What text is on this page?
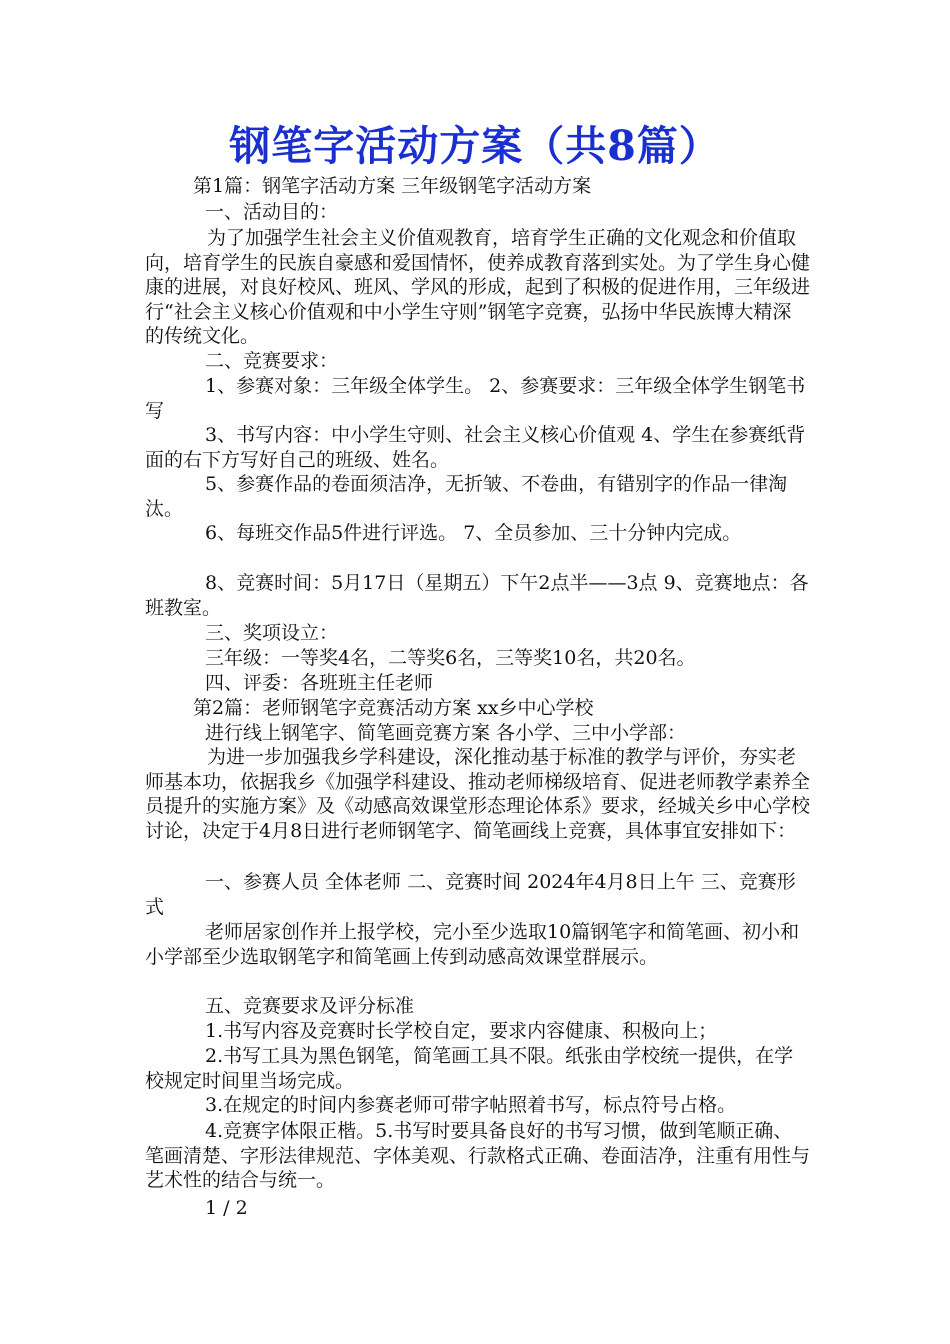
钢笔字活动方案（共8篇）

第1篇：钢笔字活动方案 三年级钢笔字活动方案

一、活动目的：

为了加强学生社会主义价值观教育，培育学生正确的文化观念和价值取向，培育学生的民族自豪感和爱国情怀，使养成教育落到实处。为了学生身心健康的进展，对良好校风、班风、学风的形成，起到了积极的促进作用，三年级进行“社会主义核心价值观和中小学生守则”钢笔字竞赛，弘扬中华民族博大精深的传统文化。

二、竞赛要求：

1、参赛对象：三年级全体学生。 2、参赛要求：三年级全体学生钢笔书写

3、书写内容：中小学生守则、社会主义核心价值观 4、学生在参赛纸背面的右下方写好自己的班级、姓名。

5、参赛作品的卷面须洁净，无折皱、不卷曲，有错别字的作品一律淘汰。

6、每班交作品5件进行评选。 7、全员参加、三十分钟内完成。

8、竞赛时间：5月17日（星期五）下午2点半——3点 9、竞赛地点：各班教室。

三、奖项设立：

三年级：一等奖4名，二等奖6名，三等奖10名，共20名。

四、评委：各班班主任老师

第2篇：老师钢笔字竞赛活动方案 xx乡中心学校

进行线上钢笔字、简笔画竞赛方案 各小学、三中小学部：

为进一步加强我乡学科建设，深化推动基于标准的教学与评价，夯实老师基本功，依据我乡《加强学科建设、推动老师梯级培育、促进老师教学素养全员提升的实施方案》及《动感高效课堂形态理论体系》要求，经城关乡中心学校讨论，决定于4月8日进行老师钢笔字、简笔画线上竞赛，具体事宜安排如下：

一、参赛人员 全体老师 二、竞赛时间 2024年4月8日上午 三、竞赛形式

老师居家创作并上报学校，完小至少选取10篇钢笔字和简笔画、初小和小学部至少选取钢笔字和简笔画上传到动感高效课堂群展示。

五、竞赛要求及评分标准

1.书写内容及竞赛时长学校自定，要求内容健康、积极向上；

2.书写工具为黑色钢笔，简笔画工具不限。纸张由学校统一提供，在学校规定时间里当场完成。

3.在规定的时间内参赛老师可带字帖照着书写，标点符号占格。

4.竞赛字体限正楷。5.书写时要具备良好的书写习惯，做到笔顺正确、笔画清楚、字形法律规范、字体美观、行款格式正确、卷面洁净，注重有用性与艺术性的结合与统一。

1 / 2
